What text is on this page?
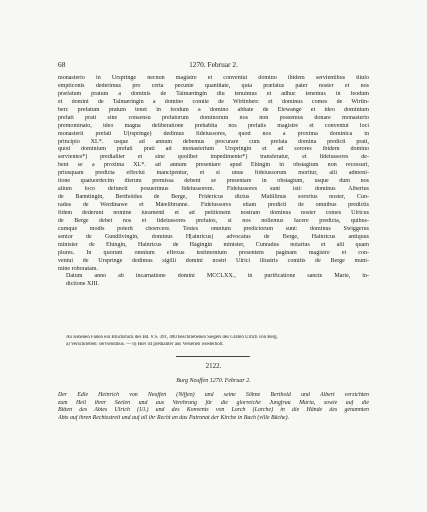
68	1270. Februar 2.
monasterio in Urspringe necnon magistre et conventui domino ibidem servientibus titulo
empticonis dederimus pro certa pecunie quantitate, quia præfatus pater noster et nos
præfatum pratum a dominis de Talmæringin diu tenuimus et adhuc tenemus in feodum
et domini de Talmæringin a domino comite de Wirtinberc et dominus comes de Wirtin-
berc prefatum pratum tenet in feodum a domino abbate de Elewange et ideo dominium
prefati prati sine consensu prefatorum dominorum nos non possemus donare monasterio
premominato, ideo magna deliberatione prehabita nos prefatis magistre et conventui loci
monasterii prefati U(rspringe) dedimus fideiussores, quod nos a proxima dominica in
principio XL*. usque ad annum debemus procurare cum prefata domina predicti prati,
quod dominium prefati prati ad monasterium Urspringin et ad sorores ibidem domino
servientes*) predialiter et sine quolibet impedimento*) transferatur, et fideiussores de-
bent se a proxima XL*. ad annum presentare apud Ehingin in obstagium non recessuri,
priusquam predicta effectui mancipentur, et si unus fideiussorum moritur, alii admoni-
tione quatuordecim dierum premissa debent se presentare in obstagium, usque dum nos
alium loco defuncti posuerimus fideiussorem. Fideiussores sunt isti: dominus Albertus
de Bæmtingin, Bertholdus de Berge, Fridericus dictus Mutillinus sororius noster, Cun-
radus de Werdinawe et Mǽelibrunne. Fideiussores etiam predicti de omnibus predictis
fidem dederunt nomine iuramenti et ad petitionem nostram dominus noster comes Ulricus
de Berge debet nos et fideiussores prefatos, si nos nollemus facere predicta, quibus-
cumque modis poterit choercere. Testes omnium predictorum sunt: dominus Swiggerus
senior de Gundilvingin, dominus H[ainricus] advocatus de Berge, Hainricus antiquus
minister de Ehingin, Hainricus de Hágingin minister, Cunradus notarius et alii quam
plures. In quorum omnium effexus testimonium presentem paginam magistre et con-
ventui de Urspringe dedimus sigilli domini nostri Ulrici illustris comitis de Berge muni-
mine roboratam.
Datum anno ab incarnatione domini MCCLXX., in purificatione sancte Marie, in-
dictione XIII.
An leinenen Fäden ein Bruchstück des Bd. 6 S. 391, 400 beschriebenen Siegels des Grafen Ulrich von Berg.
a) Verschrieben: serviendibus. — b) Hier ist predialiter aus Versehen wiederholt.
2122.
Burg Neuffen 1270. Februar 2.
Der Edle Heinrich von Neuffen (Niffen) und seine Söhne Berthold und Albert verzichten
zum Heil ihrer Seelen und aus Verehrung für die glorreiche Jungfrau Maria, sowie auf die
Bitten des Abtes Ulrich (Ul.) und des Konvents von Lorch (Lorche) in die Hände des genannten
Abts auf ihren Rechtsstreit und auf all ihr Recht an das Patronat der Kirche in Buch (ville Büche).
